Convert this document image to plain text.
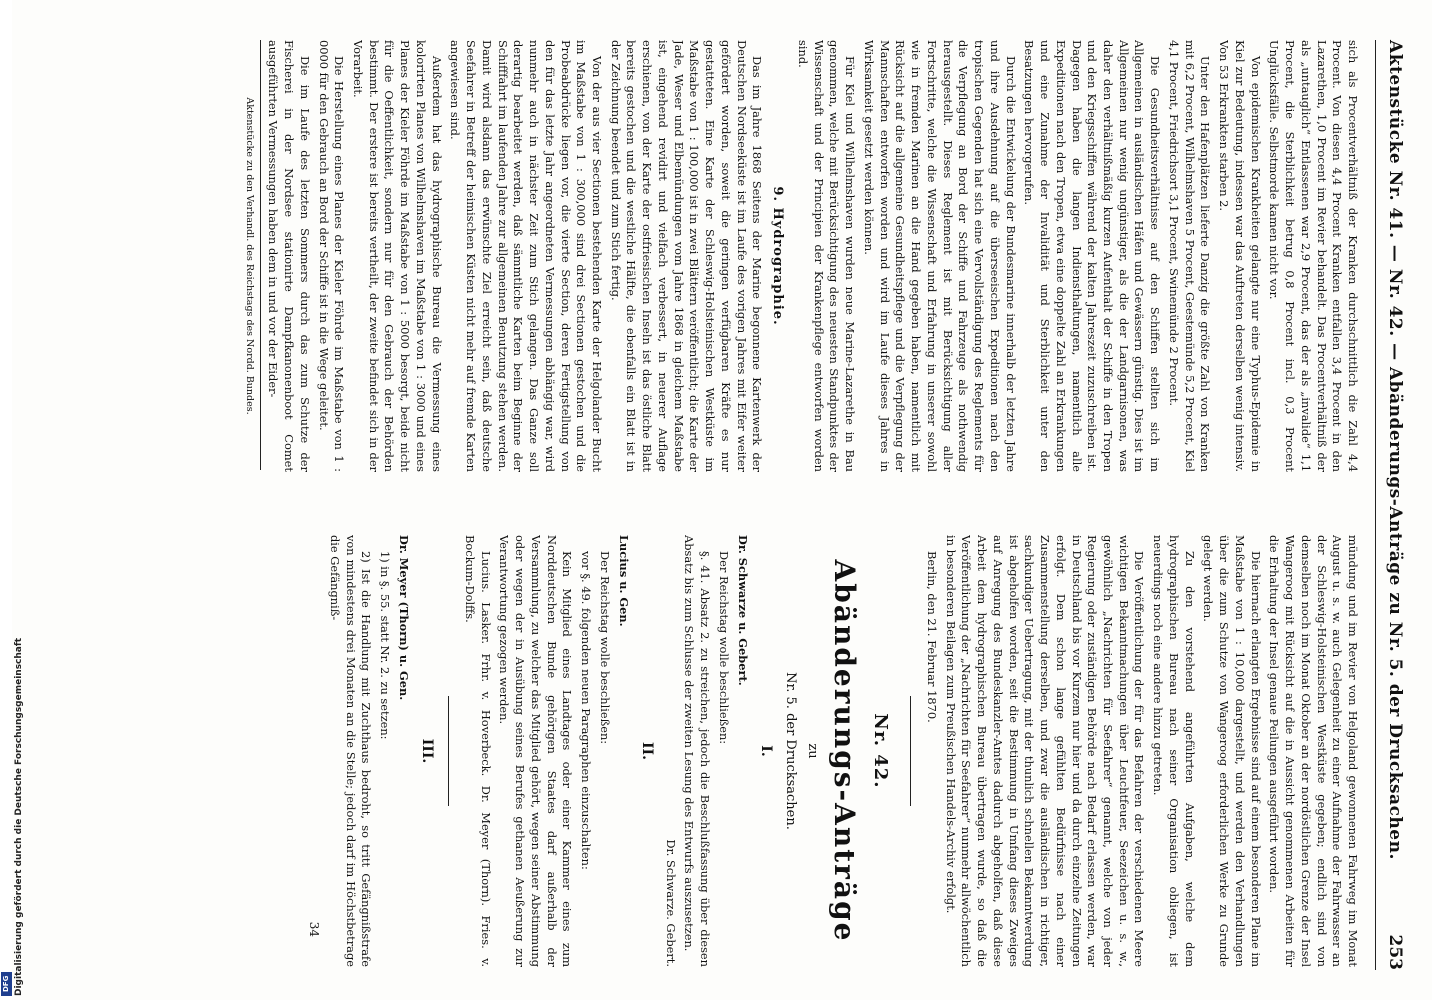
Digitalisierung gefördert durch die Deutsche Forschungsgemeinschaft
DFG
Aktenstücke Nr. 41. — Nr. 42. — Abänderungs-Anträge zu Nr. 5. der Drucksachen.
253

sich als Procentverhältniß der Kranken durchschnittlich die Zahl 4,4 Procent. Von diesen 4,4 Procent Kranken entfallen 3,4 Procent in den Lazarethen, 1,0 Procent im Revier behandelt. Das Procentverhältniß der als „untauglich“ Entlassenen war 2,9 Procent, das der als „invalide“ 1,1 Procent, die Sterblichkeit betrug 0,8 Procent incl. 0,3 Procent Unglücksfälle. Selbstmorde kamen nicht vor.

Von epidemischen Krankheiten gelangte nur eine Typhus-Epidemie in Kiel zur Bedeutung, indessen war das Auftreten derselben wenig intensiv. Von 53 Erkrankten starben 2.

Unter den Hafenplätzen lieferte Danzig die größte Zahl von Kranken mit 6,2 Procent, Wilhelmshaven 5 Procent, Geestemünde 5,2 Procent, Kiel 4,1 Procent, Friedrichsort 3,1 Procent, Swinemünde 2 Procent.

Die Gesundheitsverhältnisse auf den Schiffen stellten sich im Allgemeinen in ausländischen Häfen und Gewässern günstig. Dies ist im Allgemeinen nur wenig ungünstiger, als die der Landgarnisonen, was daher den verhältnißmäßig kurzen Aufenthalt der Schiffe in den Tropen und den Kriegsschiffen während der kalten Jahreszeit zuzuschreiben ist. Dagegen haben die langen Indiensthaltungen, namentlich alle Expeditionen nach den Tropen, etwa eine doppelte Zahl an Erkrankungen und eine Zunahme der Invalidität und Sterblichkeit unter den Besatzungen hervorgerufen.

Durch die Entwickelung der Bundesmarine innerhalb der letzten Jahre und ihre Ausdehnung auf die überseeischen Expeditionen nach den tropischen Gegenden hat sich eine Vervollständigung des Reglements für die Verpflegung an Bord der Schiffe und Fahrzeuge als nothwendig herausgestellt. Dieses Reglement ist mit Berücksichtigung aller Fortschritte, welche die Wissenschaft und Erfahrung in unserer sowohl wie in fremden Marinen an die Hand gegeben haben, namentlich mit Rücksicht auf die allgemeine Gesundheitspflege und die Verpflegung der Mannschaften entworfen worden und wird im Laufe dieses Jahres in Wirksamkeit gesetzt werden können.

Für Kiel und Wilhelmshaven wurden neue Marine-Lazarethe in Bau genommen, welche mit Berücksichtigung des neuesten Standpunktes der Wissenschaft und der Principien der Krankenpflege entworfen worden sind.

9. Hydrographie.

Das im Jahre 1868 Seitens der Marine begonnene Kartenwerk der Deutschen Nordseeküste ist im Laufe des vorigen Jahres mit Eifer weiter gefördert worden, soweit die geringen verfügbaren Kräfte es nur gestatteten. Eine Karte der Schleswig-Holsteinischen Westküste im Maßstabe von 1 : 100,000 ist in zwei Blättern veröffentlicht; die Karte der Jade, Weser und Elbemündungen vom Jahre 1868 in gleichem Maßstabe ist, eingehend revidirt und vielfach verbessert, in neuerer Auflage erschienen, von der Karte der ostfriesischen Inseln ist das östliche Blatt bereits gestochen und die westliche Hälfte, die ebenfalls ein Blatt ist in der Zeichnung beendet und zum Stich fertig.

Von der aus vier Sectionen bestehenden Karte der Helgolander Bucht im Maßstabe von 1 : 300,000 sind drei Sectionen gestochen und die Probeabdrücke liegen vor, die vierte Section, deren Fertigstellung von den für das letzte Jahr angeordneten Vermessungen abhängig war, wird nunmehr auch in nächster Zeit zum Stich gelangen. Das Ganze soll derartig bearbeitet werden, daß sämmtliche Karten beim Beginne der Schifffahrt im laufenden Jahre zur allgemeinen Benutzung stehen werden. Damit wird alsdann das erwünschte Ziel erreicht sein, daß deutsche Seefahrer in Betreff der heimischen Küsten nicht mehr auf fremde Karten angewiesen sind.

Außerdem hat das hydrographische Bureau die Vermessung eines kolorirten Planes von Wilhelmshaven im Maßstabe von 1 : 3000 und eines Planes der Kieler Föhrde im Maßstabe von 1 : 5000 besorgt, beide nicht für die Oeffentlichkeit, sondern nur für den Gebrauch der Behörden bestimmt. Der erstere ist bereits vertheilt, der zweite befindet sich in der Vorarbeit.

Die Herstellung eines Planes der Kieler Föhrde im Maßstabe von 1 : 0000 für den Gebrauch an Bord der Schiffe ist in die Wege geleitet.

Die im Laufe des letzten Sommers durch das zum Schutze der Fischerei in der Nordsee stationirte Dampfkanonenboot Comet ausgeführten Vermessungen haben dem in und vor der Eider-

Aktenstücke zu den Verhandl. des Reichstags des Nordd. Bundes.

mündung und im Revier von Helgoland gewonnenen Fahrweg im Monat August u. s. w. auch Gelegenheit zu einer Aufnahme der Fahrwasser an der Schleswig-Holsteinischen Westküste gegeben; endlich sind von demselben noch im Monat Oktober an der nordöstlichen Grenze der Insel Wangeroog mit Rücksicht auf die in Aussicht genommenen Arbeiten für die Erhaltung der Insel genaue Peilungen ausgeführt worden.

Die hiernach erlangten Ergebnisse sind auf einem besonderen Plane im Maßstabe von 1 : 10,000 dargestellt, und werden den Verhandlungen über die zum Schutze von Wangeroog erforderlichen Werke zu Grunde gelegt werden.

Zu den vorstehend angeführten Aufgaben, welche dem hydrographischen Bureau nach seiner Organisation obliegen, ist neuerdings noch eine andere hinzu getreten.

Die Veröffentlichung der für das Befahren der verschiedenen Meere wichtigen Bekanntmachungen über Leuchtfeuer, Seezeichen u. s. w., gewöhnlich „Nachrichten für Seefahrer“ genannt, welche von jeder Regierung oder zuständigen Behörde nach Bedarf erlassen werden, war in Deutschland bis vor Kurzem nur hier und da durch einzelne Zeitungen erfolgt. Dem schon lange gefühlten Bedürfnisse nach einer Zusammenstellung derselben, und zwar die ausländischen in richtiger, sachkundiger Uebertragung, mit der thunlich schnellen Bekanntwerdung ist abgeholfen worden, seit die Bestimmung in Umfang dieses Zweiges auf Anregung des Bundeskanzler-Amtes dadurch abgeholfen, daß diese Arbeit dem hydrographischen Bureau übertragen wurde, so daß die Veröffentlichung der „Nachrichten für Seefahrer“ nunmehr allwöchentlich in besonderen Beilagen zum Preußischen Handels-Archiv erfolgt.

Berlin, den 21. Februar 1870.

Nr. 42.
Abänderungs-Anträge
zu
Nr. 5. der Drucksachen.
I.

Dr. Schwarze u. Gebert.

Der Reichstag wolle beschließen:

§. 41. Absatz 2. zu streichen, jedoch die Beschlußfassung über diesen Absatz bis zum Schlusse der zweiten Lesung des Entwurfs auszusetzen.

Dr. Schwarze. Gebert.

II.

Lucius u. Gen.

Der Reichstag wolle beschließen:

vor §. 49. folgenden neuen Paragraphen einzuschalten:

Kein Mitglied eines Landtages oder einer Kammer eines zum Norddeutschen Bunde gehörigen Staates darf außerhalb der Versammlung, zu welcher das Mitglied gehört, wegen seiner Abstimmung oder wegen der in Ausübung seines Berufes gethanen Aeußerung zur Verantwortung gezogen werden.

Lucius. Lasker. Frhr. v. Hoverbeck. Dr. Meyer (Thorn). Fries. v. Bockum-Dolffs.

III.

Dr. Meyer (Thorn) u. Gen.

1) in §. 55. statt Nr. 2. zu setzen:

2) Ist die Handlung mit Zuchthaus bedroht, so tritt Gefängnißstrafe von mindestens drei Monaten an die Stelle; jedoch darf im Höchstbetrage die Gefängniß-

34
